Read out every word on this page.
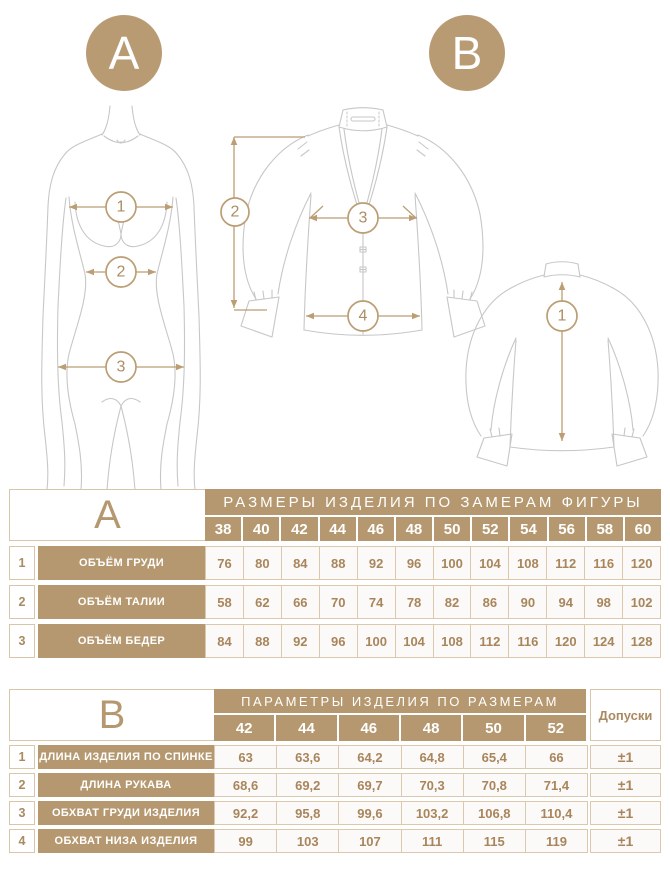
А	В
1
2
3
2	3
4	1
А	РАЗМЕРЫ ИЗДЕЛИЯ ПО ЗАМЕРАМ ФИГУРЫ
38	40	42	44	46	48	50	52	54	56	58	60
1	ОБЪЁМ ГРУДИ	76	80	84	88	92	96	100	104	108	112	116	120
2	ОБЪЁМ ТАЛИИ	58	62	66	70	74	78	82	86	90	94	98	102
3	ОБЪЁМ БЕДЕР	84	88	92	96	100	104	108	112	116	120	124	128
В	ПАРАМЕТРЫ ИЗДЕЛИЯ ПО РАЗМЕРАМ
42	44	46	48	50	52
Допуски
1	ДЛИНА ИЗДЕЛИЯ ПО СПИНКЕ	63	63,6	64,2	64,8	65,4	66	±1
2	ДЛИНА РУКАВА	68,6	69,2	69,7	70,3	70,8	71,4	±1
3	ОБХВАТ ГРУДИ ИЗДЕЛИЯ	92,2	95,8	99,6	103,2	106,8	110,4	±1
4	ОБХВАТ НИЗА ИЗДЕЛИЯ	99	103	107	111	115	119	±1
